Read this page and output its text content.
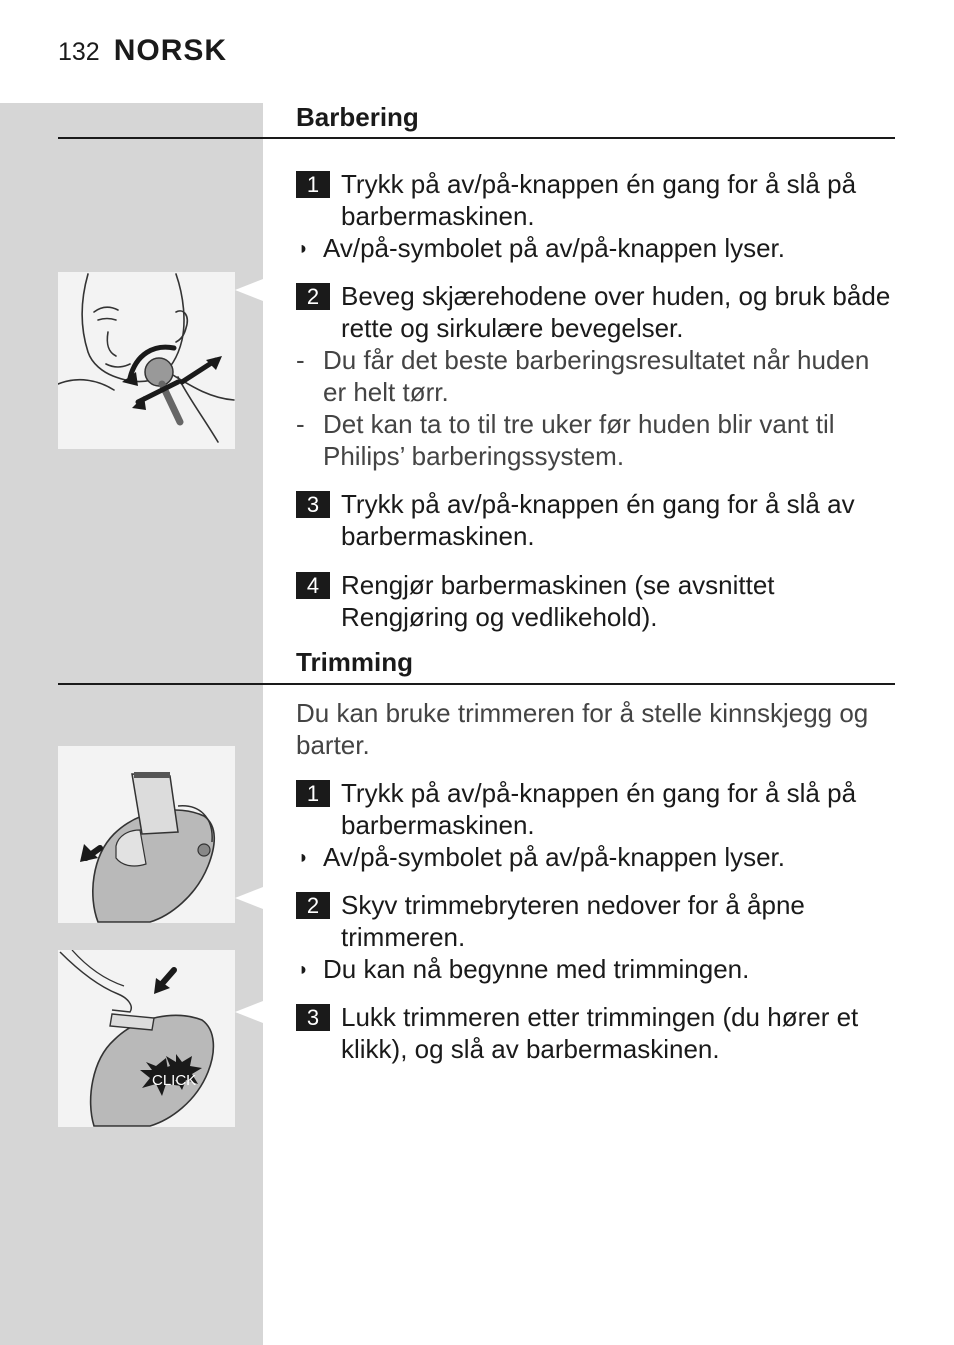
132 NORSK
Barbering
1 Trykk på av/på-knappen én gang for å slå på barbermaskinen.
◗ Av/på-symbolet på av/på-knappen lyser.
2 Beveg skjærehodene over huden, og bruk både rette og sirkulære bevegelser.
- Du får det beste barberingsresultatet når huden er helt tørr.
- Det kan ta to til tre uker før huden blir vant til Philips’ barberingssystem.
3 Trykk på av/på-knappen én gang for å slå av barbermaskinen.
4 Rengjør barbermaskinen (se avsnittet Rengjøring og vedlikehold).
Trimming
Du kan bruke trimmeren for å stelle kinnskjegg og barter.
1 Trykk på av/på-knappen én gang for å slå på barbermaskinen.
◗ Av/på-symbolet på av/på-knappen lyser.
2 Skyv trimmebryteren nedover for å åpne trimmeren.
◗ Du kan nå begynne med trimmingen.
3 Lukk trimmeren etter trimmingen (du hører et klikk), og slå av barbermaskinen.
CLICK
